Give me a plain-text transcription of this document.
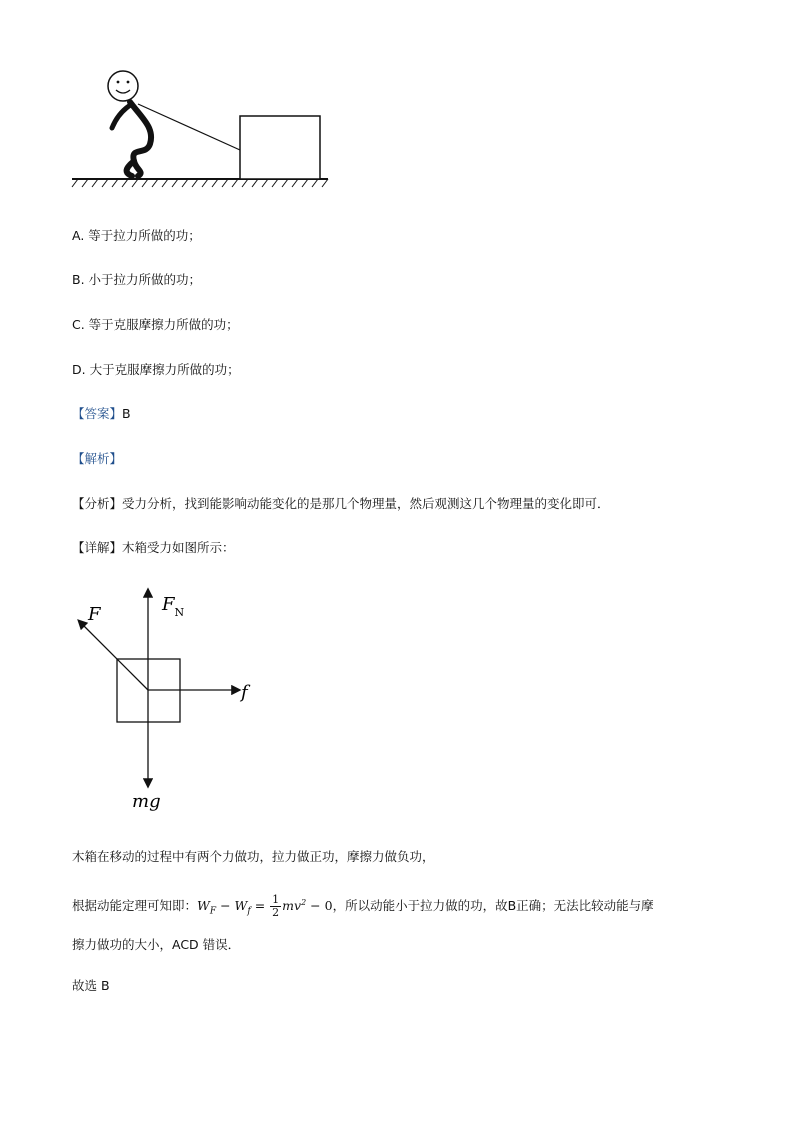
A. 等于拉力所做的功；
B. 小于拉力所做的功；
C. 等于克服摩擦力所做的功；
D. 大于克服摩擦力所做的功；
【答案】B
【解析】
【分析】受力分析，找到能影响动能变化的是那几个物理量，然后观测这几个物理量的变化即可．
【详解】木箱受力如图所示：
F	$F_N$
f
mg
木箱在移动的过程中有两个力做功，拉力做正功，摩擦力做负功，
根据动能定理可知即：$W_F - W_f = \frac{1}{2} mv^2 - 0$，所以动能小于拉力做的功，故B正确；无法比较动能与摩
擦力做功的大小，ACD 错误．
故选 B
